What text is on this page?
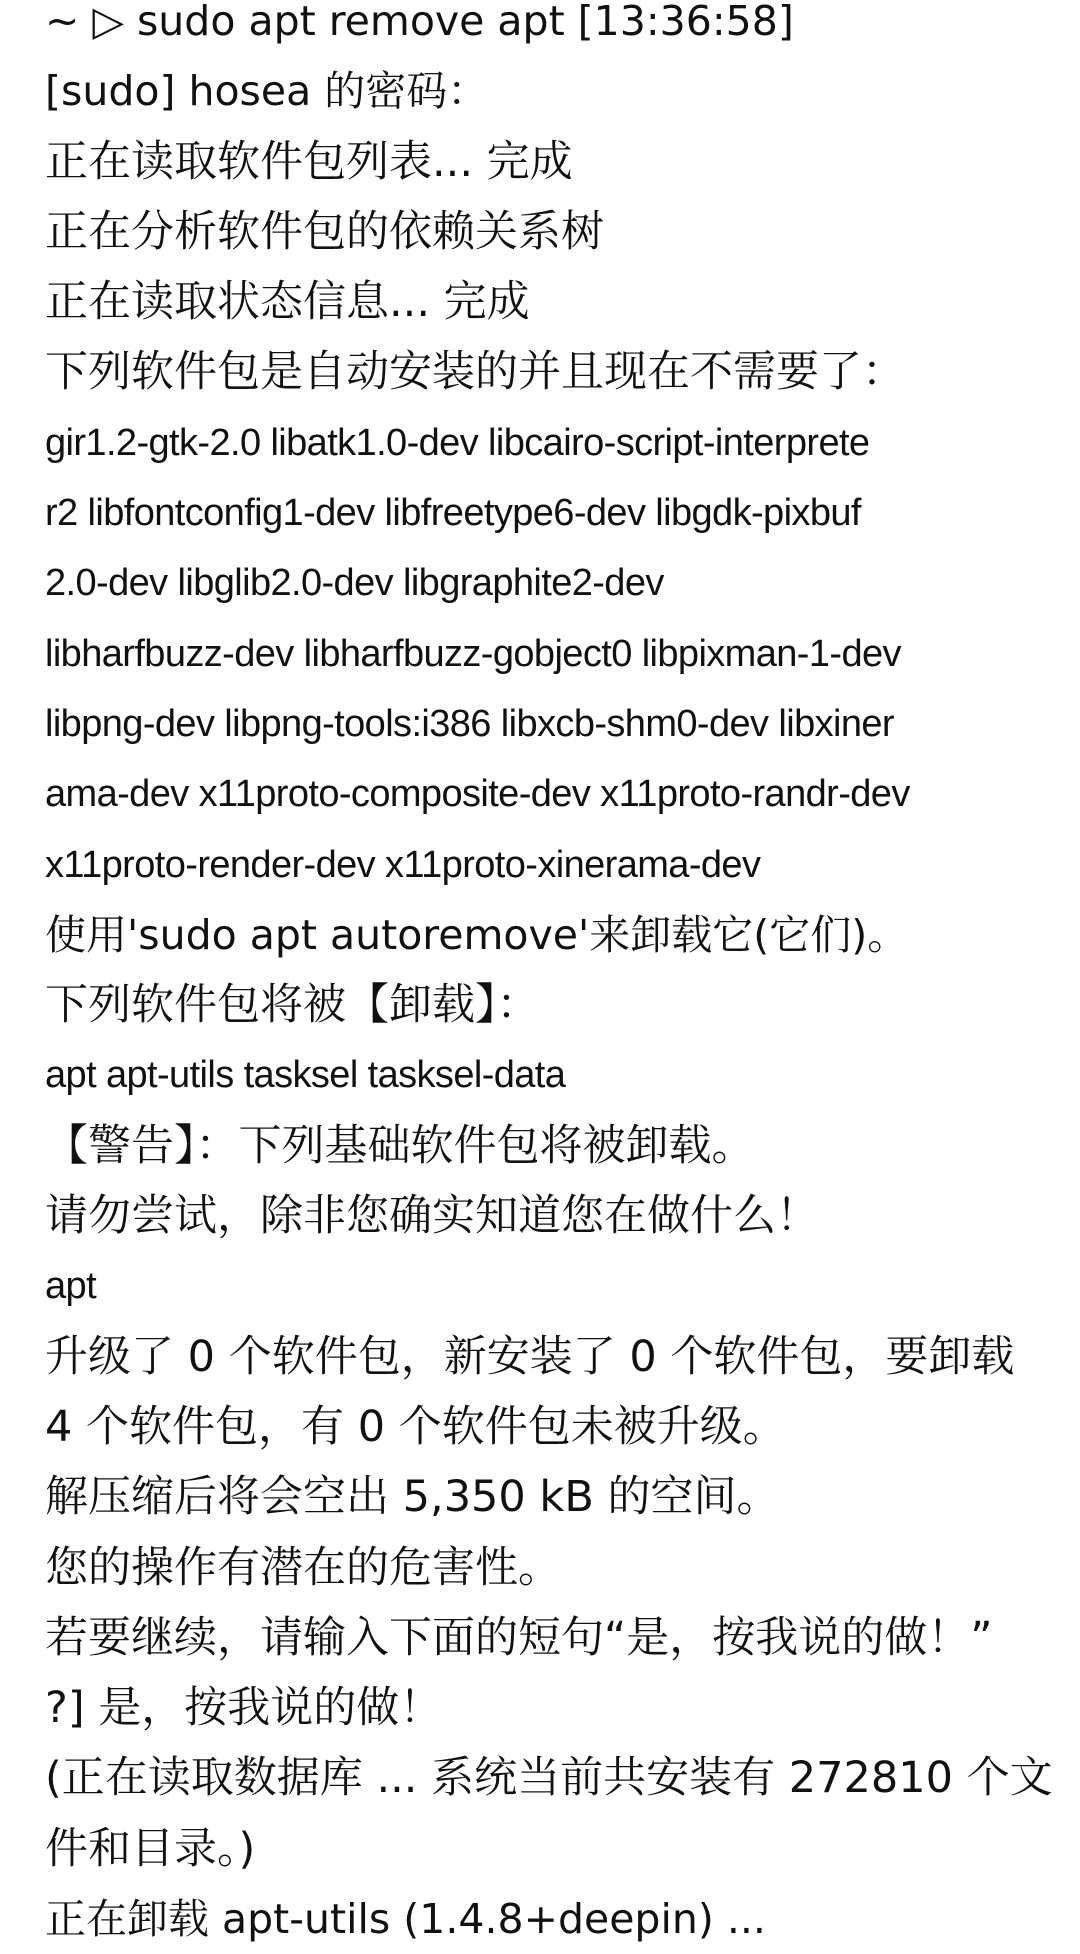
~ ▷ sudo apt remove apt [13:36:58]
[sudo] hosea 的密码：
正在读取软件包列表... 完成
正在分析软件包的依赖关系树
正在读取状态信息... 完成
下列软件包是自动安装的并且现在不需要了：
gir1.2-gtk-2.0 libatk1.0-dev libcairo-script-interprete
r2 libfontconfig1-dev libfreetype6-dev libgdk-pixbuf
2.0-dev libglib2.0-dev libgraphite2-dev
libharfbuzz-dev libharfbuzz-gobject0 libpixman-1-dev
libpng-dev libpng-tools:i386 libxcb-shm0-dev libxiner
ama-dev x11proto-composite-dev x11proto-randr-dev
x11proto-render-dev x11proto-xinerama-dev
使用'sudo apt autoremove'来卸载它(它们)。
下列软件包将被【卸载】：
apt apt-utils tasksel tasksel-data
【警告】：下列基础软件包将被卸载。
请勿尝试，除非您确实知道您在做什么！
apt
升级了 0 个软件包，新安装了 0 个软件包，要卸载
4 个软件包，有 0 个软件包未被升级。
解压缩后将会空出 5,350 kB 的空间。
您的操作有潜在的危害性。
若要继续，请输入下面的短句“是，按我说的做！”
?] 是，按我说的做！
(正在读取数据库 ... 系统当前共安装有 272810 个文
件和目录。)
正在卸载 apt-utils (1.4.8+deepin) ...
